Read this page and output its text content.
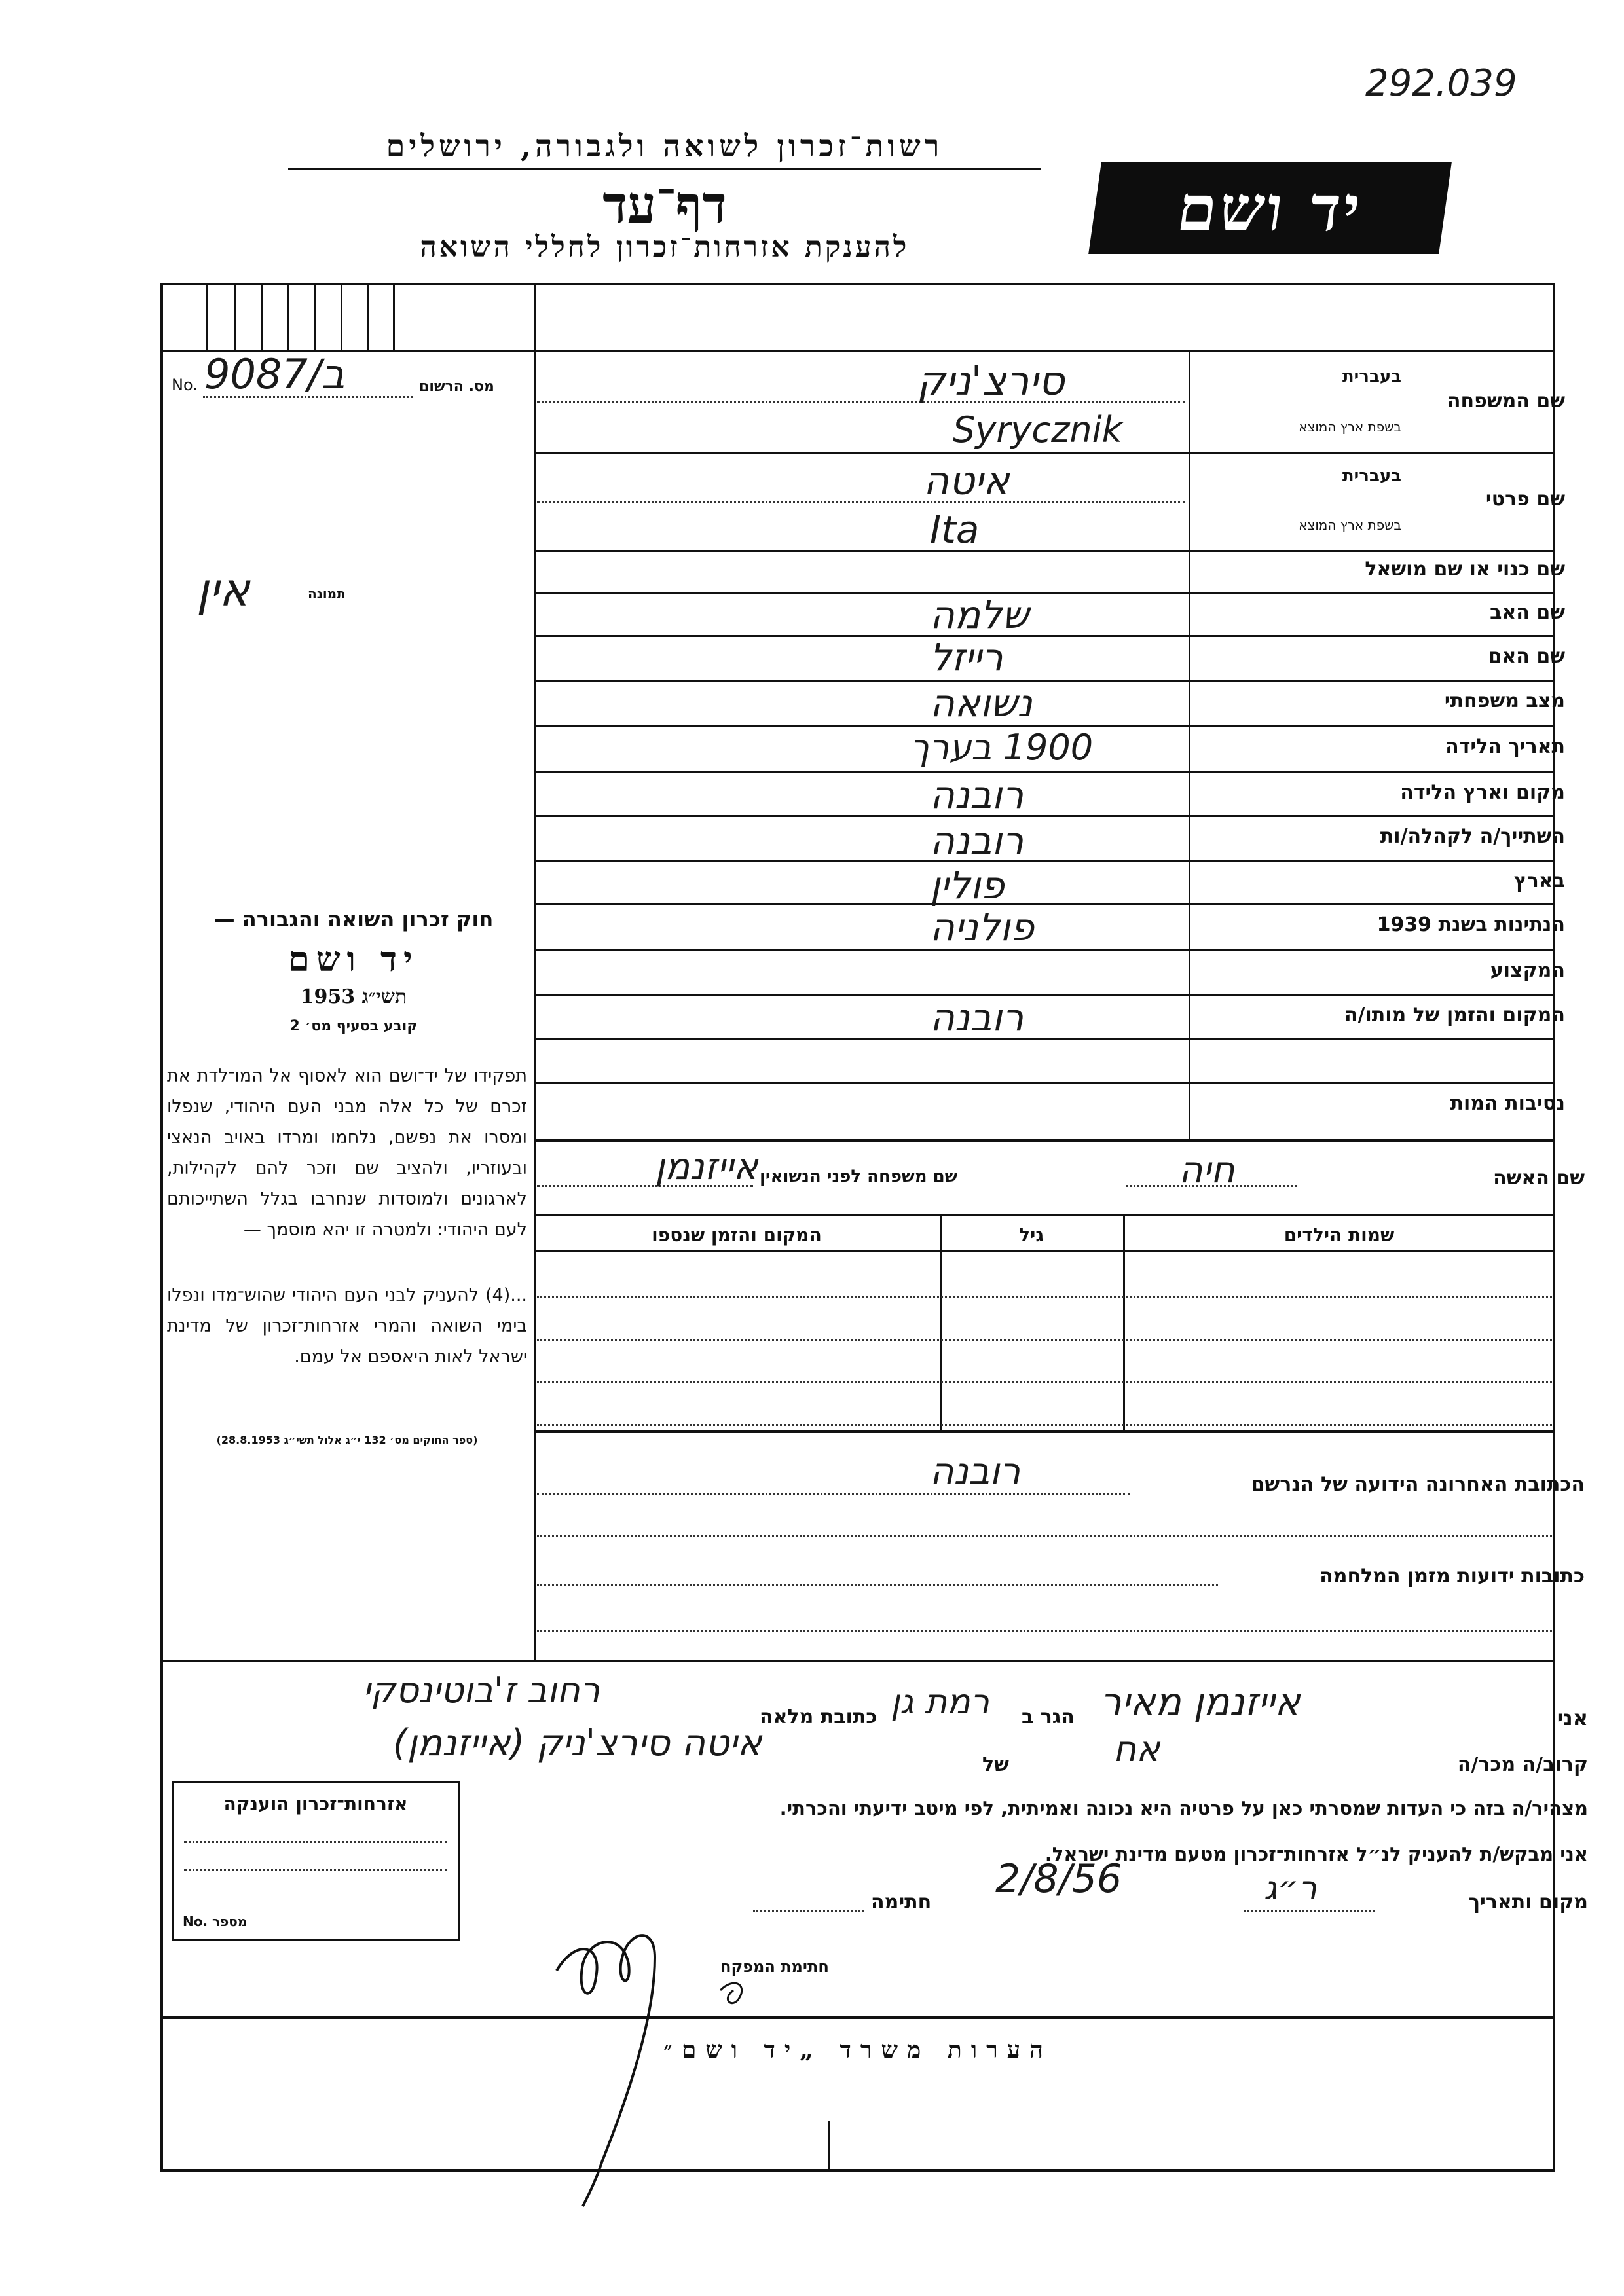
292.039
רשות־זכרון לשואה ולגבורה, ירושלים
דף־עד
להענקת אזרחות־זכרון לחללי השואה
יד ושם
מס. הרשום
No. 9087/ב
תמונה
אין
שם המשפחה
בעברית
בשפת ארץ המוצא
סירצ'ניק
Syrycznik
שם פרטי
בעברית
בשפת ארץ המוצא
איטה
Ita
שם כנוי או שם מושאל
שם האב
שלמה
שם האם
רייזל
מצב משפחתי
נשואה
תאריך הלידה
1900 בערך
מקום וארץ הלידה
רובנה
השתייך/ה לקהלה/ות
רובנה
בארץ
פולין
הנתינות בשנת 1939
פולניה
המקצוע
המקום והזמן של מותו/ה
רובנה
נסיבות המות
חוק זכרון השואה והגבורה —
יד ושם
תשי״ג 1953
קובע בסעיף מס׳ 2
תפקידו של יד־ושם הוא לאסוף אל המו־לדת את זכרם של כל אלה מבני העם היהודי, שנפלו ומסרו את נפשם, נלחמו ומרדו באויב הנאצי ובעוזריו, ולהציב שם וזכר להם לקהילות, לארגונים ולמוסדות שנחרבו בגלל השתייכותם לעם היהודי: ולמטרה זו יהא מוסמך —
...(4) להעניק לבני העם היהודי שהוש־מדו ונפלו בימי השואה והמרי אזרחות־זכרון של מדינת ישראל לאות היאספם אל עמם.
(ספר החוקים מס׳ 132 י״ג אלול תשי״ג 28.8.1953)
שם האשה
חיה
שם משפחה לפני הנשואין
אייזנמן
שמות הילדים
גיל
המקום והזמן שנספו
הכתובת האחרונה הידועה של הנרשם
רובנה
כתובות ידועות מזמן המלחמה
אני
אייזנמן מאיר
הגר ב
רמת גן
כתובת מלאה
רחוב ז'בוטינסקי
קרוב/ה מכר/ה
אח
של
איטה סירצ'ניק (אייזנמן)
מצהיר/ה בזה כי העדות שמסרתי כאן על פרטיה היא נכונה ואמיתית, לפי מיטב ידיעתי והכרתי.
אני מבקש/ת להעניק לנ״ל אזרחות־זכרון מטעם מדינת ישראל.
מקום ותאריך
ר״ג
2/8/56
חתימה
אזרחות־זכרון הוענקה
No. מספר
חתימת המפקח
הערות משרד „יד ושם״
